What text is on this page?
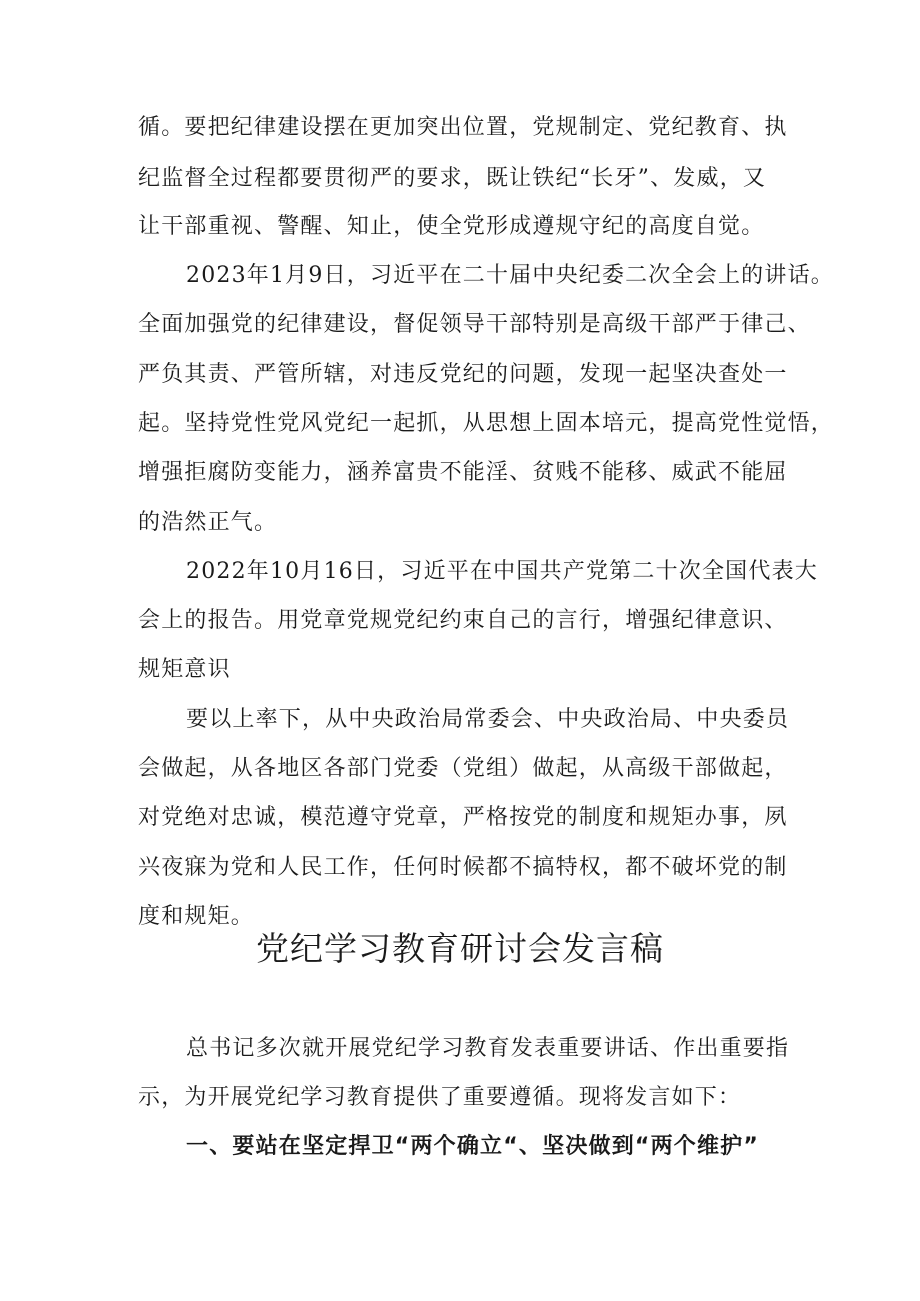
循。要把纪律建设摆在更加突出位置，党规制定、党纪教育、执
纪监督全过程都要贯彻严的要求，既让铁纪“长牙”、发威，又
让干部重视、警醒、知止，使全党形成遵规守纪的高度自觉。
2023年1月9日，习近平在二十届中央纪委二次全会上的讲话。
全面加强党的纪律建设，督促领导干部特别是高级干部严于律己、
严负其责、严管所辖，对违反党纪的问题，发现一起坚决查处一
起。坚持党性党风党纪一起抓，从思想上固本培元，提高党性觉悟，
增强拒腐防变能力，涵养富贵不能淫、贫贱不能移、威武不能屈
的浩然正气。
2022年10月16日，习近平在中国共产党第二十次全国代表大
会上的报告。用党章党规党纪约束自己的言行，增强纪律意识、
规矩意识
要以上率下，从中央政治局常委会、中央政治局、中央委员
会做起，从各地区各部门党委（党组）做起，从高级干部做起，
对党绝对忠诚，模范遵守党章，严格按党的制度和规矩办事，夙
兴夜寐为党和人民工作，任何时候都不搞特权，都不破坏党的制
度和规矩。
党纪学习教育研讨会发言稿
总书记多次就开展党纪学习教育发表重要讲话、作出重要指
示，为开展党纪学习教育提供了重要遵循。现将发言如下：
一、要站在坚定捍卫“两个确立“、坚决做到“两个维护”
